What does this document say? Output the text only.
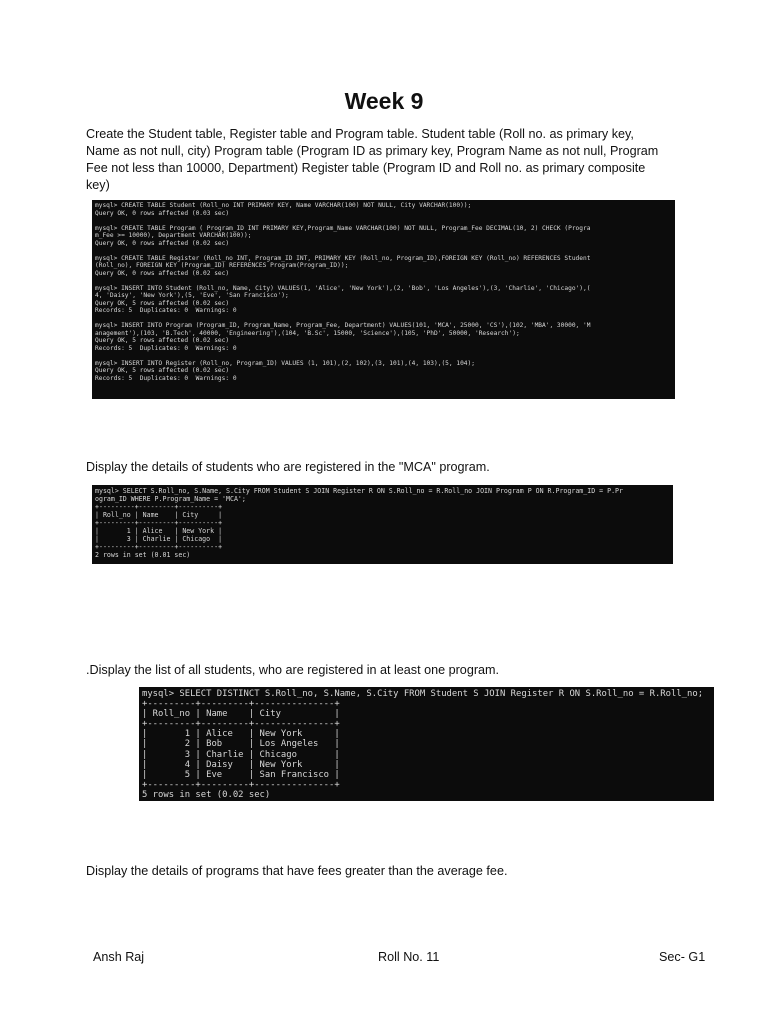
Week 9

Create the Student table, Register table and Program table. Student table (Roll no. as primary key, Name as not null, city) Program table (Program ID as primary key, Program Name as not null, Program Fee not less than 10000, Department) Register table (Program ID and Roll no. as primary composite key)

mysql> CREATE TABLE Student (Roll_no INT PRIMARY KEY, Name VARCHAR(100) NOT NULL, City VARCHAR(100));
Query OK, 0 rows affected (0.03 sec)

mysql> CREATE TABLE Program ( Program_ID INT PRIMARY KEY,Program_Name VARCHAR(100) NOT NULL, Program_Fee DECIMAL(10, 2) CHECK (Progra
m_Fee >= 10000), Department VARCHAR(100));
Query OK, 0 rows affected (0.02 sec)

mysql> CREATE TABLE Register (Roll_no INT, Program_ID INT, PRIMARY KEY (Roll_no, Program_ID),FOREIGN KEY (Roll_no) REFERENCES Student
(Roll_no), FOREIGN KEY (Program_ID) REFERENCES Program(Program_ID));
Query OK, 0 rows affected (0.02 sec)

mysql> INSERT INTO Student (Roll_no, Name, City) VALUES(1, 'Alice', 'New York'),(2, 'Bob', 'Los Angeles'),(3, 'Charlie', 'Chicago'),(
4, 'Daisy', 'New York'),(5, 'Eve', 'San Francisco');
Query OK, 5 rows affected (0.02 sec)
Records: 5  Duplicates: 0  Warnings: 0

mysql> INSERT INTO Program (Program_ID, Program_Name, Program_Fee, Department) VALUES(101, 'MCA', 25000, 'CS'),(102, 'MBA', 30000, 'M
anagement'),(103, 'B.Tech', 40000, 'Engineering'),(104, 'B.Sc', 15000, 'Science'),(105, 'PhD', 50000, 'Research');
Query OK, 5 rows affected (0.02 sec)
Records: 5  Duplicates: 0  Warnings: 0

mysql> INSERT INTO Register (Roll_no, Program_ID) VALUES (1, 101),(2, 102),(3, 101),(4, 103),(5, 104);
Query OK, 5 rows affected (0.02 sec)
Records: 5  Duplicates: 0  Warnings: 0

Display the details of students who are registered in the "MCA" program.

mysql> SELECT S.Roll_no, S.Name, S.City FROM Student S JOIN Register R ON S.Roll_no = R.Roll_no JOIN Program P ON R.Program_ID = P.Pr
ogram_ID WHERE P.Program_Name = 'MCA';
+---------+---------+----------+
| Roll_no | Name    | City     |
+---------+---------+----------+
|       1 | Alice   | New York |
|       3 | Charlie | Chicago  |
+---------+---------+----------+
2 rows in set (0.01 sec)

.Display the list of all students, who are registered in at least one program.

mysql> SELECT DISTINCT S.Roll_no, S.Name, S.City FROM Student S JOIN Register R ON S.Roll_no = R.Roll_no;
+---------+---------+---------------+
| Roll_no | Name    | City          |
+---------+---------+---------------+
|       1 | Alice   | New York      |
|       2 | Bob     | Los Angeles   |
|       3 | Charlie | Chicago       |
|       4 | Daisy   | New York      |
|       5 | Eve     | San Francisco |
+---------+---------+---------------+
5 rows in set (0.02 sec)

Display the details of programs that have fees greater than the average fee.

Ansh Raj	Roll No. 11	Sec- G1
